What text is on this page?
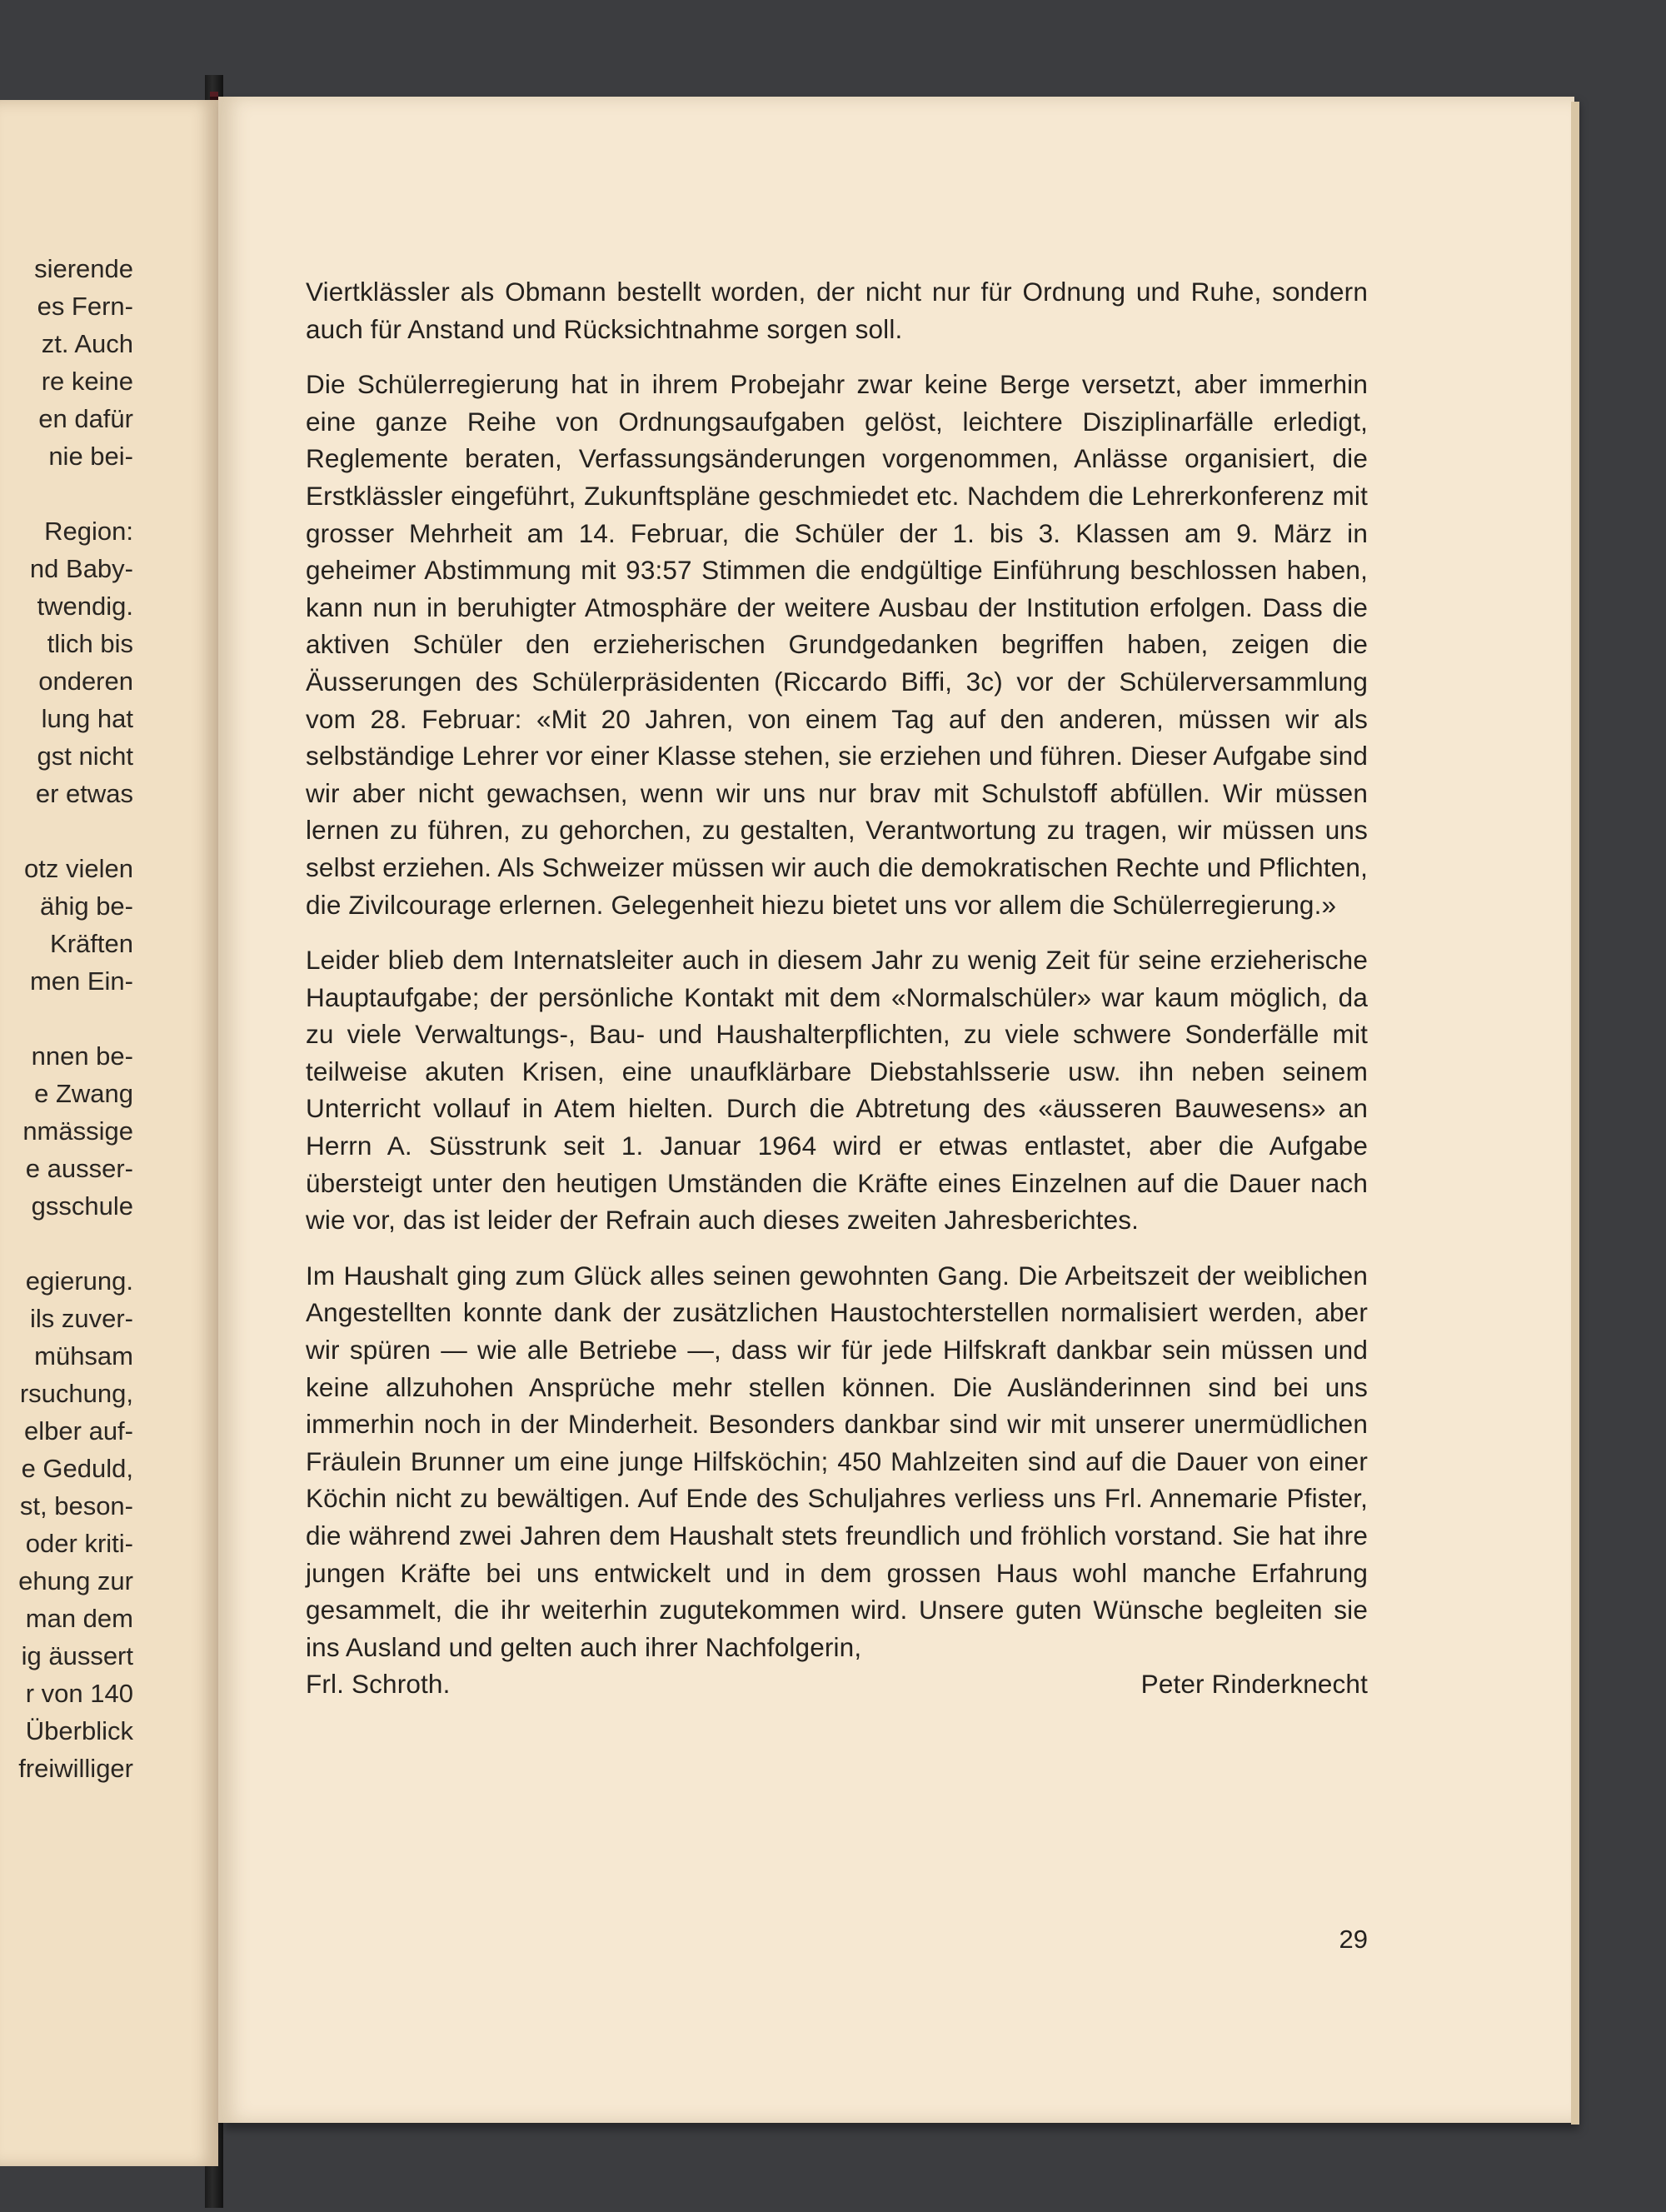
sierende
es Fern-
zt. Auch
re keine
en dafür
nie bei-
Region:
nd Baby-
twendig.
tlich bis
onderen
lung hat
gst nicht
er etwas
otz vielen
ähig be-
Kräften
men Ein-
nnen be-
e Zwang
nmässige
e ausser-
gsschule
egierung.
ils zuver-
mühsam
rsuchung,
elber auf-
e Geduld,
st, beson-
oder kriti-
ehung zur
man dem
ig äussert
r von 140
Überblick
freiwilliger

Viertklässler als Obmann bestellt worden, der nicht nur für Ordnung und Ruhe, sondern auch für Anstand und Rücksichtnahme sorgen soll.

Die Schülerregierung hat in ihrem Probejahr zwar keine Berge versetzt, aber immerhin eine ganze Reihe von Ordnungsaufgaben gelöst, leichtere Disziplinarfälle erledigt, Reglemente beraten, Verfassungsänderungen vorgenommen, Anlässe organisiert, die Erstklässler eingeführt, Zukunftspläne geschmiedet etc. Nachdem die Lehrerkonferenz mit grosser Mehrheit am 14. Februar, die Schüler der 1. bis 3. Klassen am 9. März in geheimer Abstimmung mit 93:57 Stimmen die endgültige Einführung beschlossen haben, kann nun in beruhigter Atmosphäre der weitere Ausbau der Institution erfolgen. Dass die aktiven Schüler den erzieherischen Grundgedanken begriffen haben, zeigen die Äusserungen des Schülerpräsidenten (Riccardo Biffi, 3c) vor der Schülerversammlung vom 28. Februar: «Mit 20 Jahren, von einem Tag auf den anderen, müssen wir als selbständige Lehrer vor einer Klasse stehen, sie erziehen und führen. Dieser Aufgabe sind wir aber nicht gewachsen, wenn wir uns nur brav mit Schulstoff abfüllen. Wir müssen lernen zu führen, zu gehorchen, zu gestalten, Verantwortung zu tragen, wir müssen uns selbst erziehen. Als Schweizer müssen wir auch die demokratischen Rechte und Pflichten, die Zivilcourage erlernen. Gelegenheit hiezu bietet uns vor allem die Schülerregierung.»

Leider blieb dem Internatsleiter auch in diesem Jahr zu wenig Zeit für seine erzieherische Hauptaufgabe; der persönliche Kontakt mit dem «Normalschüler» war kaum möglich, da zu viele Verwaltungs-, Bau- und Haushalterpflichten, zu viele schwere Sonderfälle mit teilweise akuten Krisen, eine unaufklärbare Diebstahlsserie usw. ihn neben seinem Unterricht vollauf in Atem hielten. Durch die Abtretung des «äusseren Bauwesens» an Herrn A. Süsstrunk seit 1. Januar 1964 wird er etwas entlastet, aber die Aufgabe übersteigt unter den heutigen Umständen die Kräfte eines Einzelnen auf die Dauer nach wie vor, das ist leider der Refrain auch dieses zweiten Jahresberichtes.

Im Haushalt ging zum Glück alles seinen gewohnten Gang. Die Arbeitszeit der weiblichen Angestellten konnte dank der zusätzlichen Haustochterstellen normalisiert werden, aber wir spüren — wie alle Betriebe —, dass wir für jede Hilfskraft dankbar sein müssen und keine allzuhohen Ansprüche mehr stellen können. Die Ausländerinnen sind bei uns immerhin noch in der Minderheit. Besonders dankbar sind wir mit unserer unermüdlichen Fräulein Brunner um eine junge Hilfsköchin; 450 Mahlzeiten sind auf die Dauer von einer Köchin nicht zu bewältigen. Auf Ende des Schuljahres verliess uns Frl. Annemarie Pfister, die während zwei Jahren dem Haushalt stets freundlich und fröhlich vorstand. Sie hat ihre jungen Kräfte bei uns entwickelt und in dem grossen Haus wohl manche Erfahrung gesammelt, die ihr weiterhin zugutekommen wird. Unsere guten Wünsche begleiten sie ins Ausland und gelten auch ihrer Nachfolgerin,

Frl. Schroth.	Peter Rinderknecht
29
